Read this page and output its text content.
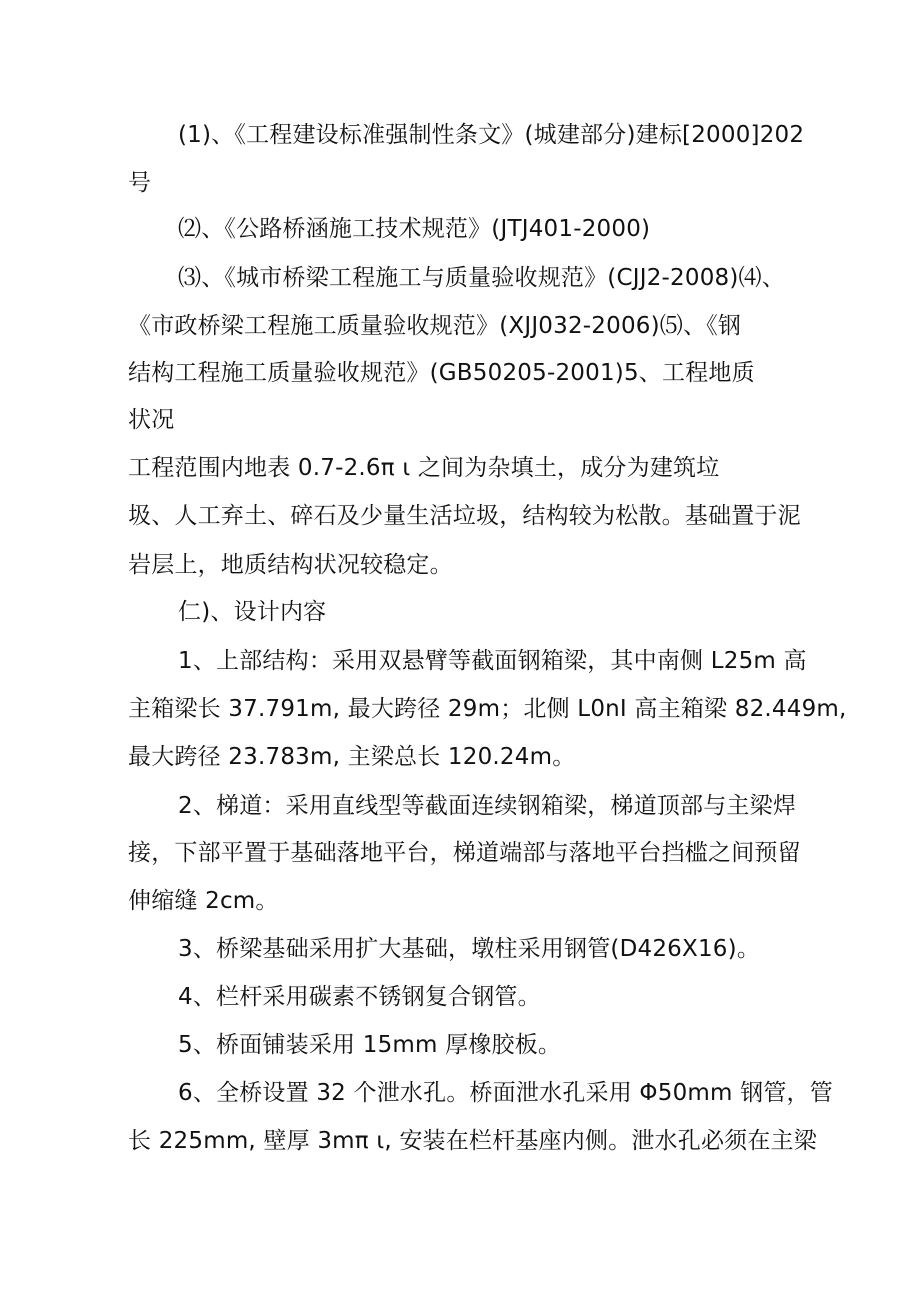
(1)、《工程建设标准强制性条文》(城建部分)建标[2000]202
号
⑵、《公路桥涵施工技术规范》(JTJ401-2000)
⑶、《城市桥梁工程施工与质量验收规范》(CJJ2-2008)⑷、
《市政桥梁工程施工质量验收规范》(XJJ032-2006)⑸、《钢
结构工程施工质量验收规范》(GB50205-2001)5、工程地质
状况
工程范围内地表 0.7-2.6π ι 之间为杂填土，成分为建筑垃
圾、人工弃土、碎石及少量生活垃圾，结构较为松散。基础置于泥
岩层上，地质结构状况较稳定。
仁)、设计内容
1、上部结构：采用双悬臂等截面钢箱梁，其中南侧 L25m 高
主箱梁长 37.791m, 最大跨径 29m；北侧 L0nI 高主箱梁 82.449m,
最大跨径 23.783m, 主梁总长 120.24m。
2、梯道：采用直线型等截面连续钢箱梁，梯道顶部与主梁焊
接，下部平置于基础落地平台，梯道端部与落地平台挡槛之间预留
伸缩缝 2cm。
3、桥梁基础采用扩大基础，墩柱采用钢管(D426X16)。
4、栏杆采用碳素不锈钢复合钢管。
5、桥面铺装采用 15mm 厚橡胶板。
6、全桥设置 32 个泄水孔。桥面泄水孔采用 Φ50mm 钢管，管
长 225mm, 壁厚 3mπ ι, 安装在栏杆基座内侧。泄水孔必须在主梁
